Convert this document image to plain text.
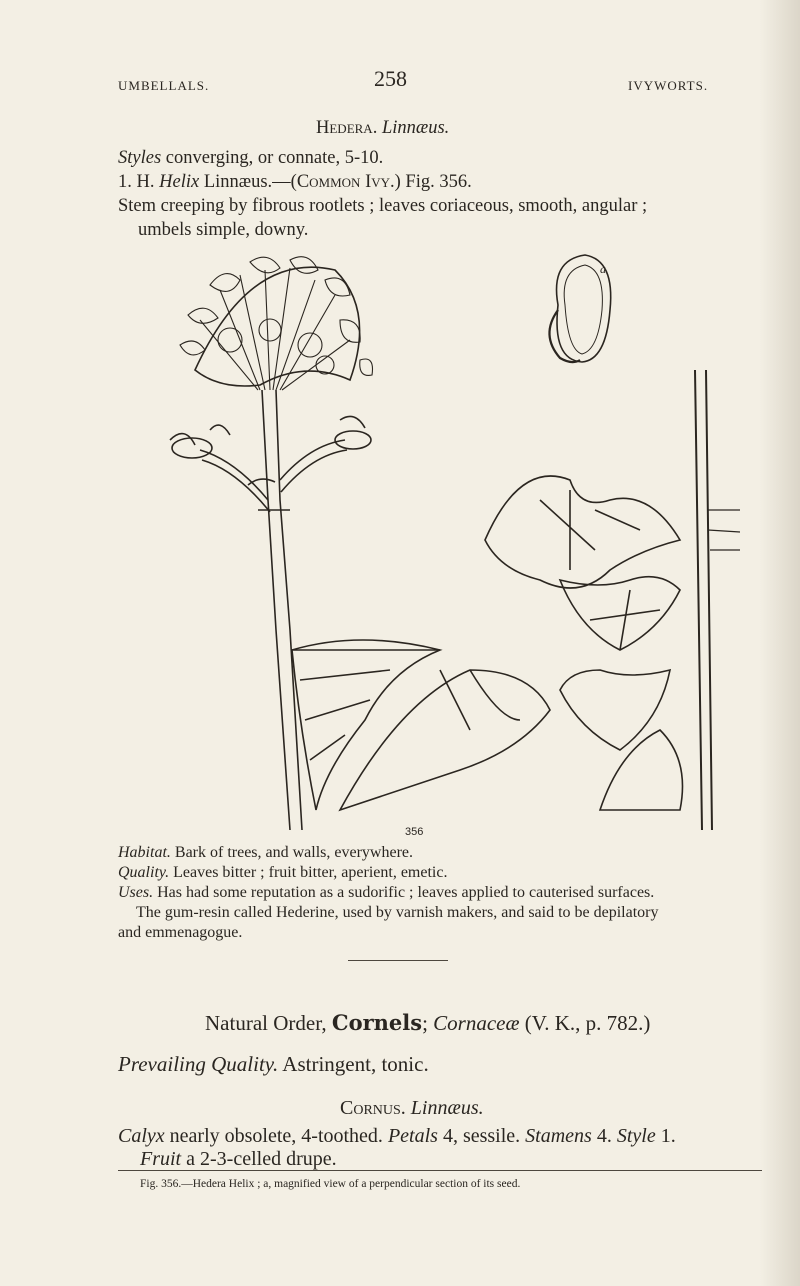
UMBELLALS.	258	IVYWORTS.
Hedera. Linnæus.
Styles converging, or connate, 5-10.
1. H. Helix Linnæus.—(Common Ivy.) Fig. 356.
Stem creeping by fibrous rootlets ; leaves coriaceous, smooth, angular ;
umbels simple, downy.
a
356
Habitat. Bark of trees, and walls, everywhere.
Quality. Leaves bitter ; fruit bitter, aperient, emetic.
Uses. Has had some reputation as a sudorific ; leaves applied to cauterised surfaces.
The gum-resin called Hederine, used by varnish makers, and said to be depilatory
and emmenagogue.
Natural Order, Cornels; Cornaceæ (V. K., p. 782.)
Prevailing Quality. Astringent, tonic.
Cornus. Linnæus.
Calyx nearly obsolete, 4-toothed. Petals 4, sessile. Stamens 4. Style 1.
Fruit a 2-3-celled drupe.
Fig. 356.—Hedera Helix ; a, magnified view of a perpendicular section of its seed.
